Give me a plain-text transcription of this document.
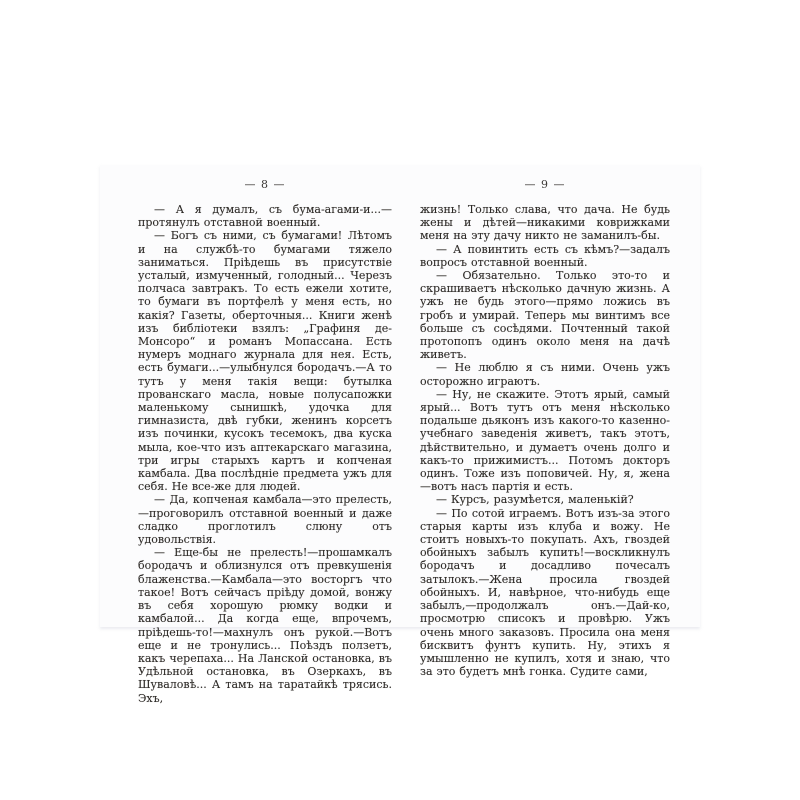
— 8 —

— А я думалъ, съ бума-агами-и...—протянулъ отставной военный.

— Богъ съ ними, съ бумагами! Лѣтомъ и на службѣ-то бумагами тяжело заниматься. Пріѣдешь въ присутствіе усталый, измученный, голодный... Черезъ полчаса завтракъ. То есть ежели хотите, то бумаги въ портфелѣ у меня есть, но какія? Газеты, оберточныя... Книги женѣ изъ библіотеки взялъ: „Графиня де-Монсоро“ и романъ Мопассана. Есть нумеръ моднаго журнала для нея. Есть, есть бумаги...—улыбнулся бородачъ.—А то тутъ у меня такія вещи: бутылка прованскаго масла, новые полусапожки маленькому сынишкѣ, удочка для гимназиста, двѣ губки, женинъ корсетъ изъ починки, кусокъ тесемокъ, два куска мыла, кое-что изъ аптекарскаго магазина, три игры старыхъ картъ и копченая камбала. Два послѣдніе предмета ужъ для себя. Не все-же для людей.

— Да, копченая камбала—это прелесть,—проговорилъ отставной военный и даже сладко проглотилъ слюну отъ удовольствія.

— Еще-бы не прелесть!—прошамкалъ бородачъ и облизнулся отъ превкушенія блаженства.—Камбала—это восторгъ что такое! Вотъ сейчасъ пріѣду домой, вонжу въ себя хорошую рюмку водки и камбалой... Да когда еще, впрочемъ, пріѣдешь-то!—махнулъ онъ рукой.—Вотъ еще и не тронулись... Поѣздъ ползетъ, какъ черепаха... На Ланской остановка, въ Удѣльной остановка, въ Озеркахъ, въ Шуваловѣ... А тамъ на таратайкѣ трясись. Эхъ,

— 9 —

жизнь! Только слава, что дача. Не будь жены и дѣтей—никакими коврижками меня на эту дачу никто не заманилъ-бы.

— А повинтить есть съ кѣмъ?—задалъ вопросъ отставной военный.

— Обязательно. Только это-то и скрашиваетъ нѣсколько дачную жизнь. А ужъ не будь этого—прямо ложись въ гробъ и умирай. Теперь мы винтимъ все больше съ сосѣдями. Почтенный такой протопопъ одинъ около меня на дачѣ живетъ.

— Не люблю я съ ними. Очень ужъ осторожно играютъ.

— Ну, не скажите. Этотъ ярый, самый ярый... Вотъ тутъ отъ меня нѣсколько подальше дьяконъ изъ какого-то казенно-учебнаго заведенія живетъ, такъ этотъ, дѣйствительно, и думаетъ очень долго и какъ-то прижимистъ... Потомъ докторъ одинъ. Тоже изъ поповичей. Ну, я, жена—вотъ насъ партія и есть.

— Курсъ, разумѣется, маленькій?

— По сотой играемъ. Вотъ изъ-за этого старыя карты изъ клуба и вожу. Не стоитъ новыхъ-то покупать. Ахъ, гвоздей обойныхъ забылъ купить!—воскликнулъ бородачъ и досадливо почесалъ затылокъ.—Жена просила гвоздей обойныхъ. И, навѣрное, что-нибудь еще забылъ,—продолжалъ онъ.—Дай-ко, просмотрю списокъ и провѣрю. Ужъ очень много заказовъ. Просила она меня бисквитъ фунтъ купить. Ну, этихъ я умышленно не купилъ, хотя и знаю, что за это будетъ мнѣ гонка. Судите сами,
